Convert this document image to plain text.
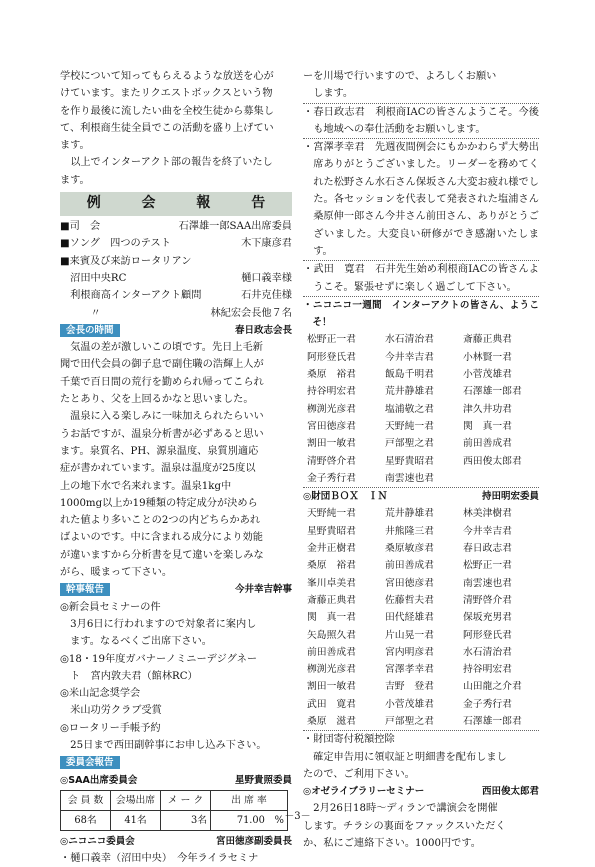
学校について知ってもらえるような放送を心が

けています。またリクエストボックスという物

を作り最後に流したい曲を全校生徒から募集し

て、利根商生徒全員でこの活動を盛り上げてい

ます。

以上でインターアクト部の報告を終了いたし

ます。

例 会 報 告
■司　会	石澤雄一郎SAA出席委員
■ソング　四つのテスト	木下康彦君
■来賓及び来訪ロータリアン
　沼田中央RC	樋口義幸様
　利根商高インターアクト顧問	石井克佳様
　　　〃	林紀宏会長他７名
会長の時間	春日政志会長

気温の差が激しいこの頃です。先日上毛新

聞で田代会員の御子息で副住職の浩輝上人が

千葉で百日間の荒行を勤められ帰ってこられ

たとあり、父を上回るかなと思いました。

　温泉に入る楽しみに一味加えられたらいい

うお話ですが、温泉分析書が必ずあると思い

ます。泉質名、PH、源泉温度、泉質別適応

症が書かれています。温泉は温度が25度以

上の地下水で名来れます。温泉1kg中

1000mg以上か19種類の特定成分が決めら

れた値より多いことの2つの内どちらかあれ

ばよいのです。中に含まれる成分により効能

が違いますから分析書を見て違いを楽しみな

がら、暖まって下さい。

幹事報告	今井幸吉幹事

◎新会員セミナーの件

　3月6日に行われますので対象者に案内し

　ます。なるべくご出席下さい。

◎18・19年度ガバナーノミニーデジグネー

　ト　宮内敦夫君（館林RC）

◎米山記念奨学会

　米山功労クラブ受賞

◎ロータリー手帳予約

　25日まで西田副幹事にお申し込み下さい。

委員会報告
◎SAA出席委員会	星野貴照委員
会 員 数	会場出席	メ ー ク	出 席 率
68名	41名	3名	71.00　%
◎ニコニコ委員会	宮田徳彦副委員長

・樋口義幸（沼田中央）　今年ライラセミナ

ーを川場で行いますので、よろしくお願い

　します。

・春日政志君　利根商IACの皆さんようこそ。今後も地域への奉仕活動をお願いします。

・宮澤孝幸君　先週夜間例会にもかかわらず大勢出席ありがとうございました。リーダーを務めてくれた松野さん水石さん保坂さん大変お疲れ様でした。各セッションを代表して発表された塩浦さん桑原伸一郎さん今井さん前田さん、ありがとうございました。大変良い研修ができ感謝いたします。

・武田　寛君　石井先生始め利根商IACの皆さんようこそ。緊張せずに楽しく過ごして下さい。

・ニコニコ一週間　インターアクトの皆さん、ようこそ！

松野正一君	水石清治君	斎藤正典君
阿形登氏君	今井幸吉君	小林賢一君
桑原　裕君	飯島千明君	小菅茂雄君
持谷明宏君	荒井静雄君	石澤雄一郎君
栁渕光彦君	塩浦敬之君	津久井功君
宮田徳彦君	天野純一君	関　真一君
割田一敏君	戸部聖之君	前田善成君
清野啓介君	星野貴昭君	西田俊太郎君
金子秀行君	南雲速也君
◎財団ＢＯＸ　ＩＮ	持田明宏委員
天野純一君	荒井静雄君	林美津樹君
星野貴昭君	井熊隆三君	今井幸吉君
金井正樹君	桑原敏彦君	春日政志君
桑原　裕君	前田善成君	松野正一君
峯川卓美君	宮田徳彦君	南雲速也君
斎藤正典君	佐藤哲夫君	清野啓介君
関　真一君	田代経雄君	保坂充男君
矢島照久君	片山晃一君	阿形登氏君
前田善成君	宮内明彦君	水石清治君
栁渕光彦君	宮澤孝幸君	持谷明宏君
割田一敏君	吉野　登君	山田龍之介君
武田　寛君	小菅茂雄君	金子秀行君
桑原　滋君	戸部聖之君	石澤雄一郎君

・財団寄付税額控除

　確定申告用に領収証と明細書を配布しまし

たので、ご利用下さい。

◎オゼライブラリーセミナー	西田俊太郎君

　2月26日18時～ディランで講演会を開催

します。チラシの裏面をファックスいただく

か、私にご連絡下さい。1000円です。

－3－
